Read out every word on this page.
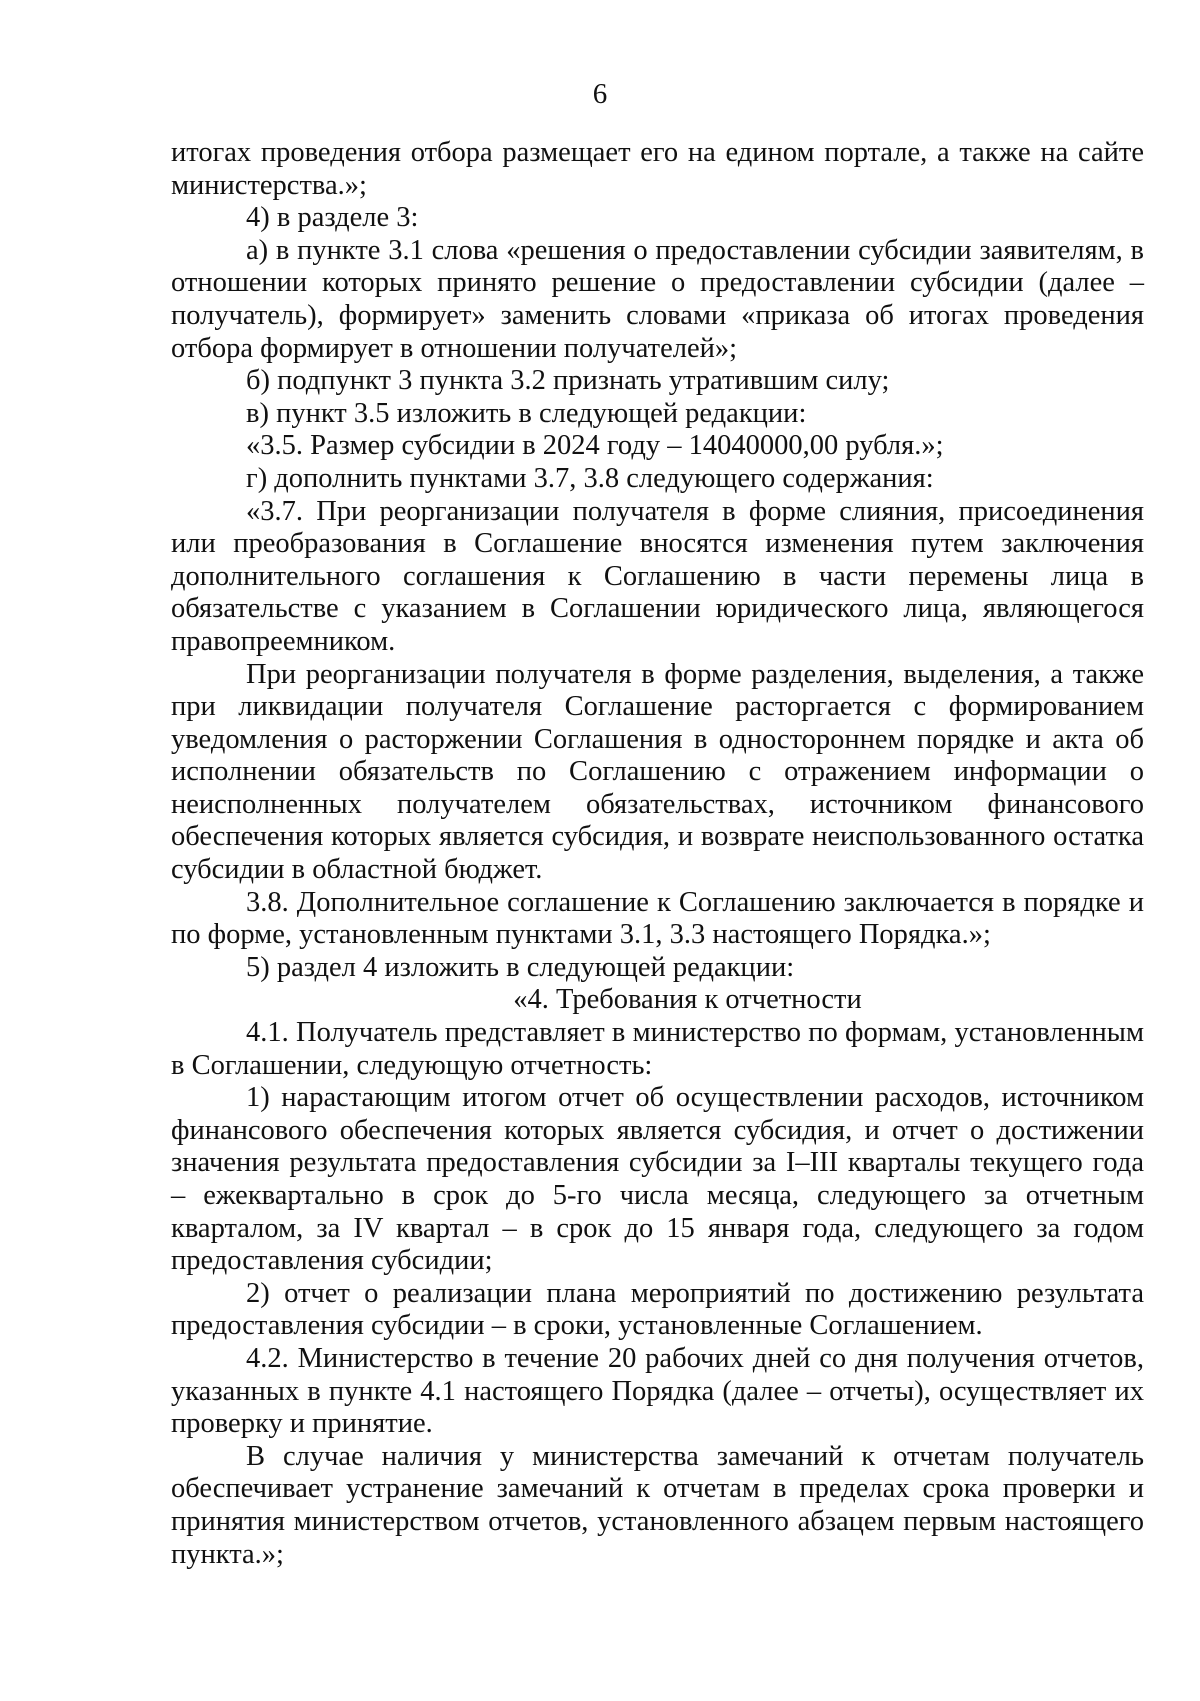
6

итогах проведения отбора размещает его на едином портале, а также на сайте министерства.»;

4) в разделе 3:

а) в пункте 3.1 слова «решения о предоставлении субсидии заявителям, в отношении которых принято решение о предоставлении субсидии (далее – получатель), формирует» заменить словами «приказа об итогах проведения отбора формирует в отношении получателей»;

б) подпункт 3 пункта 3.2 признать утратившим силу;

в) пункт 3.5 изложить в следующей редакции:

«3.5. Размер субсидии в 2024 году – 14040000,00 рубля.»;

г) дополнить пунктами 3.7, 3.8 следующего содержания:

«3.7. При реорганизации получателя в форме слияния, присоединения или преобразования в Соглашение вносятся изменения путем заключения дополнительного соглашения к Соглашению в части перемены лица в обязательстве с указанием в Соглашении юридического лица, являющегося правопреемником.

При реорганизации получателя в форме разделения, выделения, а также при ликвидации получателя Соглашение расторгается с формированием уведомления о расторжении Соглашения в одностороннем порядке и акта об исполнении обязательств по Соглашению с отражением информации о неисполненных получателем обязательствах, источником финансового обеспечения которых является субсидия, и возврате неиспользованного остатка субсидии в областной бюджет.

3.8. Дополнительное соглашение к Соглашению заключается в порядке и по форме, установленным пунктами 3.1, 3.3 настоящего Порядка.»;

5) раздел 4 изложить в следующей редакции:

«4. Требования к отчетности

4.1. Получатель представляет в министерство по формам, установленным в Соглашении, следующую отчетность:

1) нарастающим итогом отчет об осуществлении расходов, источником финансового обеспечения которых является субсидия, и отчет о достижении значения результата предоставления субсидии за I–III кварталы текущего года – ежеквартально в срок до 5-го числа месяца, следующего за отчетным кварталом, за IV квартал – в срок до 15 января года, следующего за годом предоставления субсидии;

2) отчет о реализации плана мероприятий по достижению результата предоставления субсидии – в сроки, установленные Соглашением.

4.2. Министерство в течение 20 рабочих дней со дня получения отчетов, указанных в пункте 4.1 настоящего Порядка (далее – отчеты), осуществляет их проверку и принятие.

В случае наличия у министерства замечаний к отчетам получатель обеспечивает устранение замечаний к отчетам в пределах срока проверки и принятия министерством отчетов, установленного абзацем первым настоящего пункта.»;
